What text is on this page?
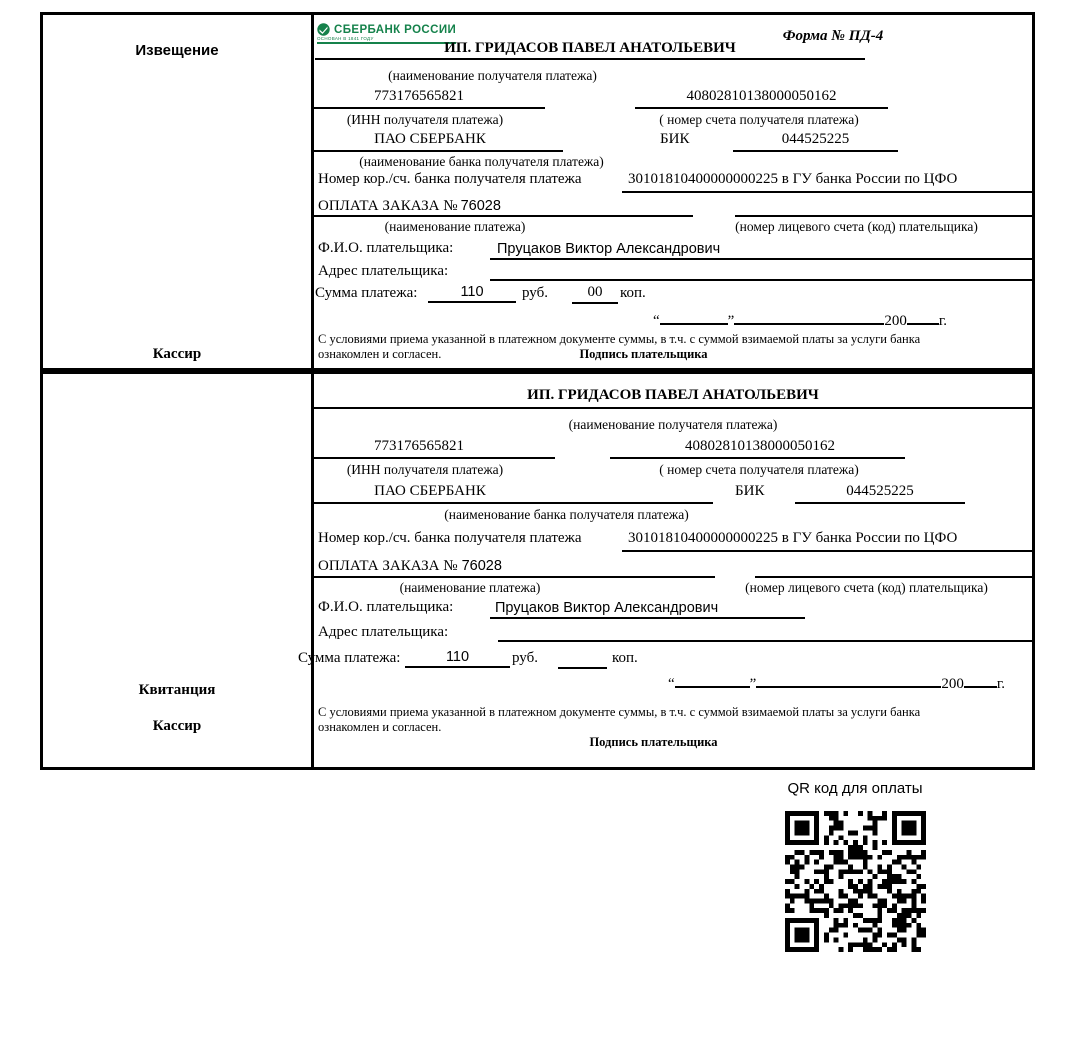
Извещение
Кассир
СБЕРБАНК РОССИИ
ОСНОВАН В 1841 ГОДУ	Форма № ПД-4
ИП. ГРИДАСОВ ПАВЕЛ АНАТОЛЬЕВИЧ
(наименование получателя платежа)
773176565821	40802810138000050162
(ИНН получателя платежа)	( номер счета получателя платежа)
ПАО СБЕРБАНК	БИК	044525225
(наименование банка получателя платежа)
Номер кор./сч. банка получателя платежа	30101810400000000225 в ГУ банка России по ЦФО
ОПЛАТА ЗАКАЗА № 76028
(наименование платежа)	(номер лицевого счета (код) плательщика)
Ф.И.О. плательщика:	Пруцаков Виктор Александрович
Адрес плательщика:
Сумма платежа:	110	руб.	00	коп.
“	”	200 г.
С условиями приема указанной в платежном документе суммы, в т.ч. с суммой взимаемой платы за услуги банка
ознакомлен и согласен.	Подпись плательщика
Квитанция
Кассир
ИП. ГРИДАСОВ ПАВЕЛ АНАТОЛЬЕВИЧ
(наименование получателя платежа)
773176565821	40802810138000050162
(ИНН получателя платежа)	( номер счета получателя платежа)
ПАО СБЕРБАНК	БИК	044525225
(наименование банка получателя платежа)
Номер кор./сч. банка получателя платежа	30101810400000000225 в ГУ банка России по ЦФО
ОПЛАТА ЗАКАЗА № 76028
(наименование платежа)	(номер лицевого счета (код) плательщика)
Ф.И.О. плательщика:	Пруцаков Виктор Александрович
Адрес плательщика:
Сумма платежа:	110	руб.	коп.
“	”	200 г.
С условиями приема указанной в платежном документе суммы, в т.ч. с суммой взимаемой платы за услуги банка
ознакомлен и согласен.
Подпись плательщика
QR код для оплаты
